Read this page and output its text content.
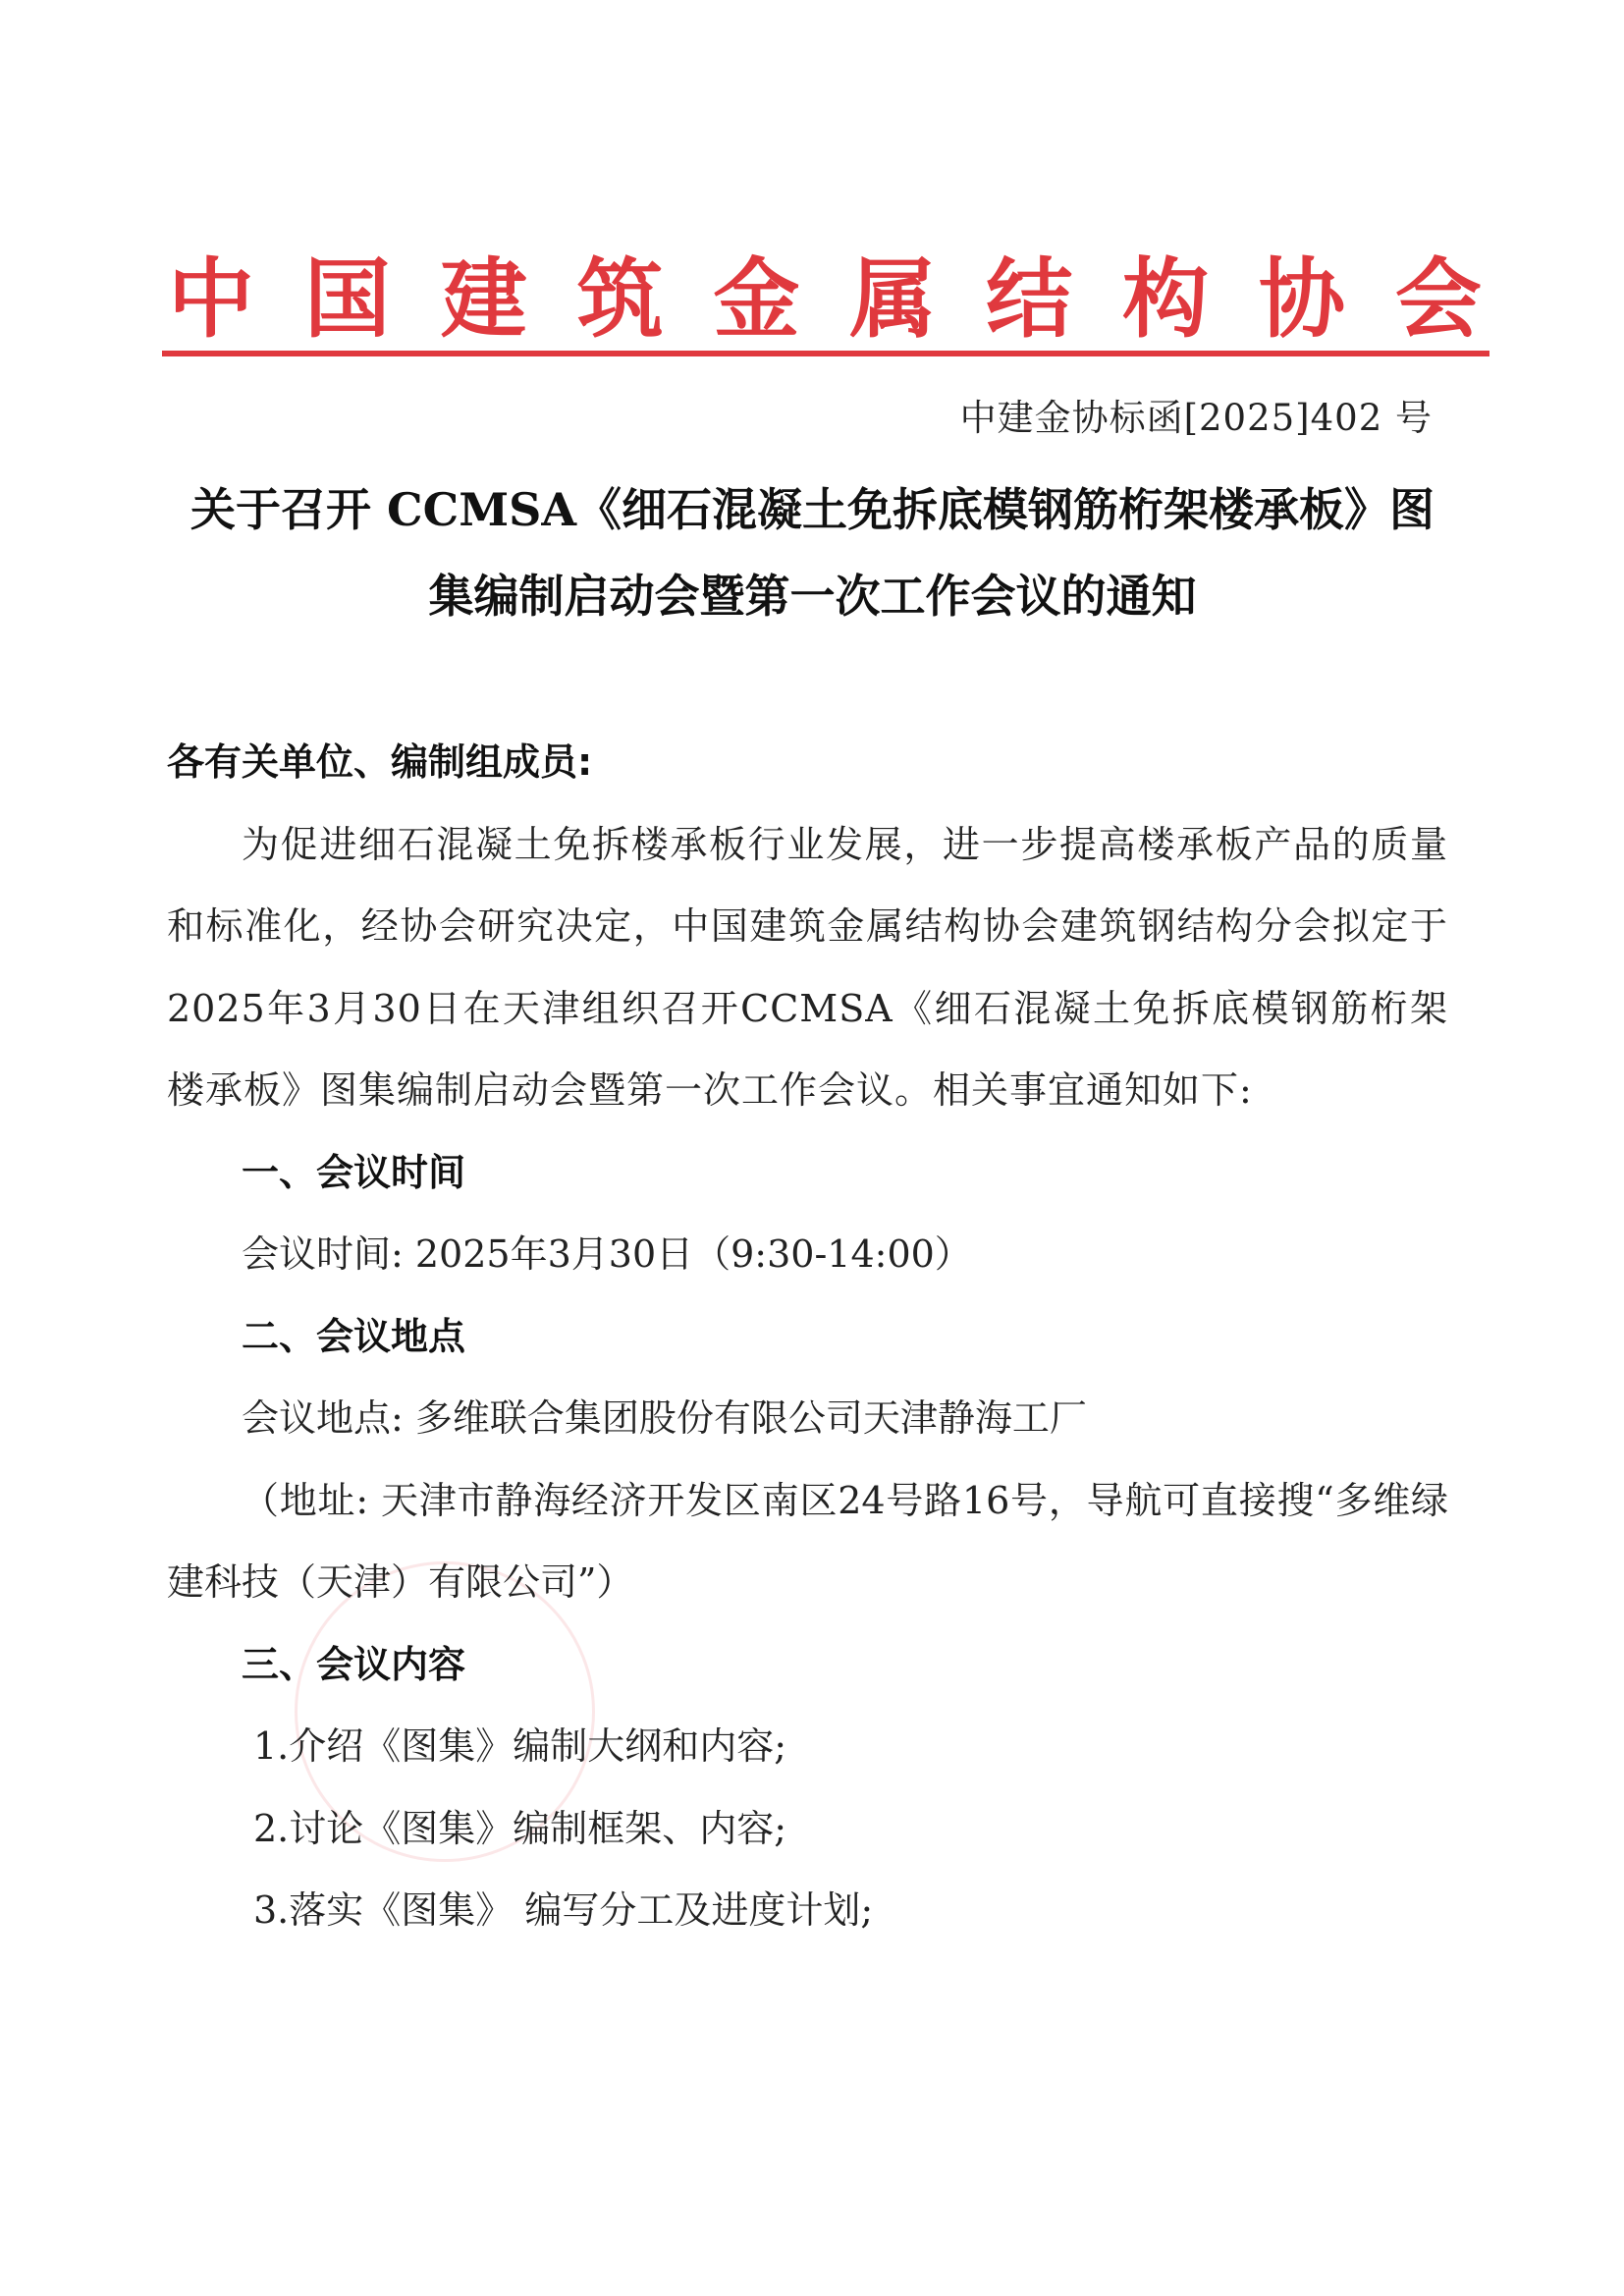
中 国 建 筑 金 属 结 构 协 会
中建金协标函[2025]402 号
关于召开 CCMSA《细石混凝土免拆底模钢筋桁架楼承板》图
集编制启动会暨第一次工作会议的通知

各有关单位、编制组成员:

为促进细石混凝土免拆楼承板行业发展，进一步提高楼承板产品的质量和标准化，经协会研究决定，中国建筑金属结构协会建筑钢结构分会拟定于2025年3月30日在天津组织召开CCMSA《细石混凝土免拆底模钢筋桁架楼承板》图集编制启动会暨第一次工作会议。相关事宜通知如下:

一、会议时间

会议时间: 2025年3月30日（9:30-14:00）

二、会议地点

会议地点: 多维联合集团股份有限公司天津静海工厂

（地址: 天津市静海经济开发区南区24号路16号，导航可直接搜“多维绿建科技（天津）有限公司”）

三、会议内容

1.介绍《图集》编制大纲和内容;

2.讨论《图集》编制框架、内容;

3.落实《图集》 编写分工及进度计划;
